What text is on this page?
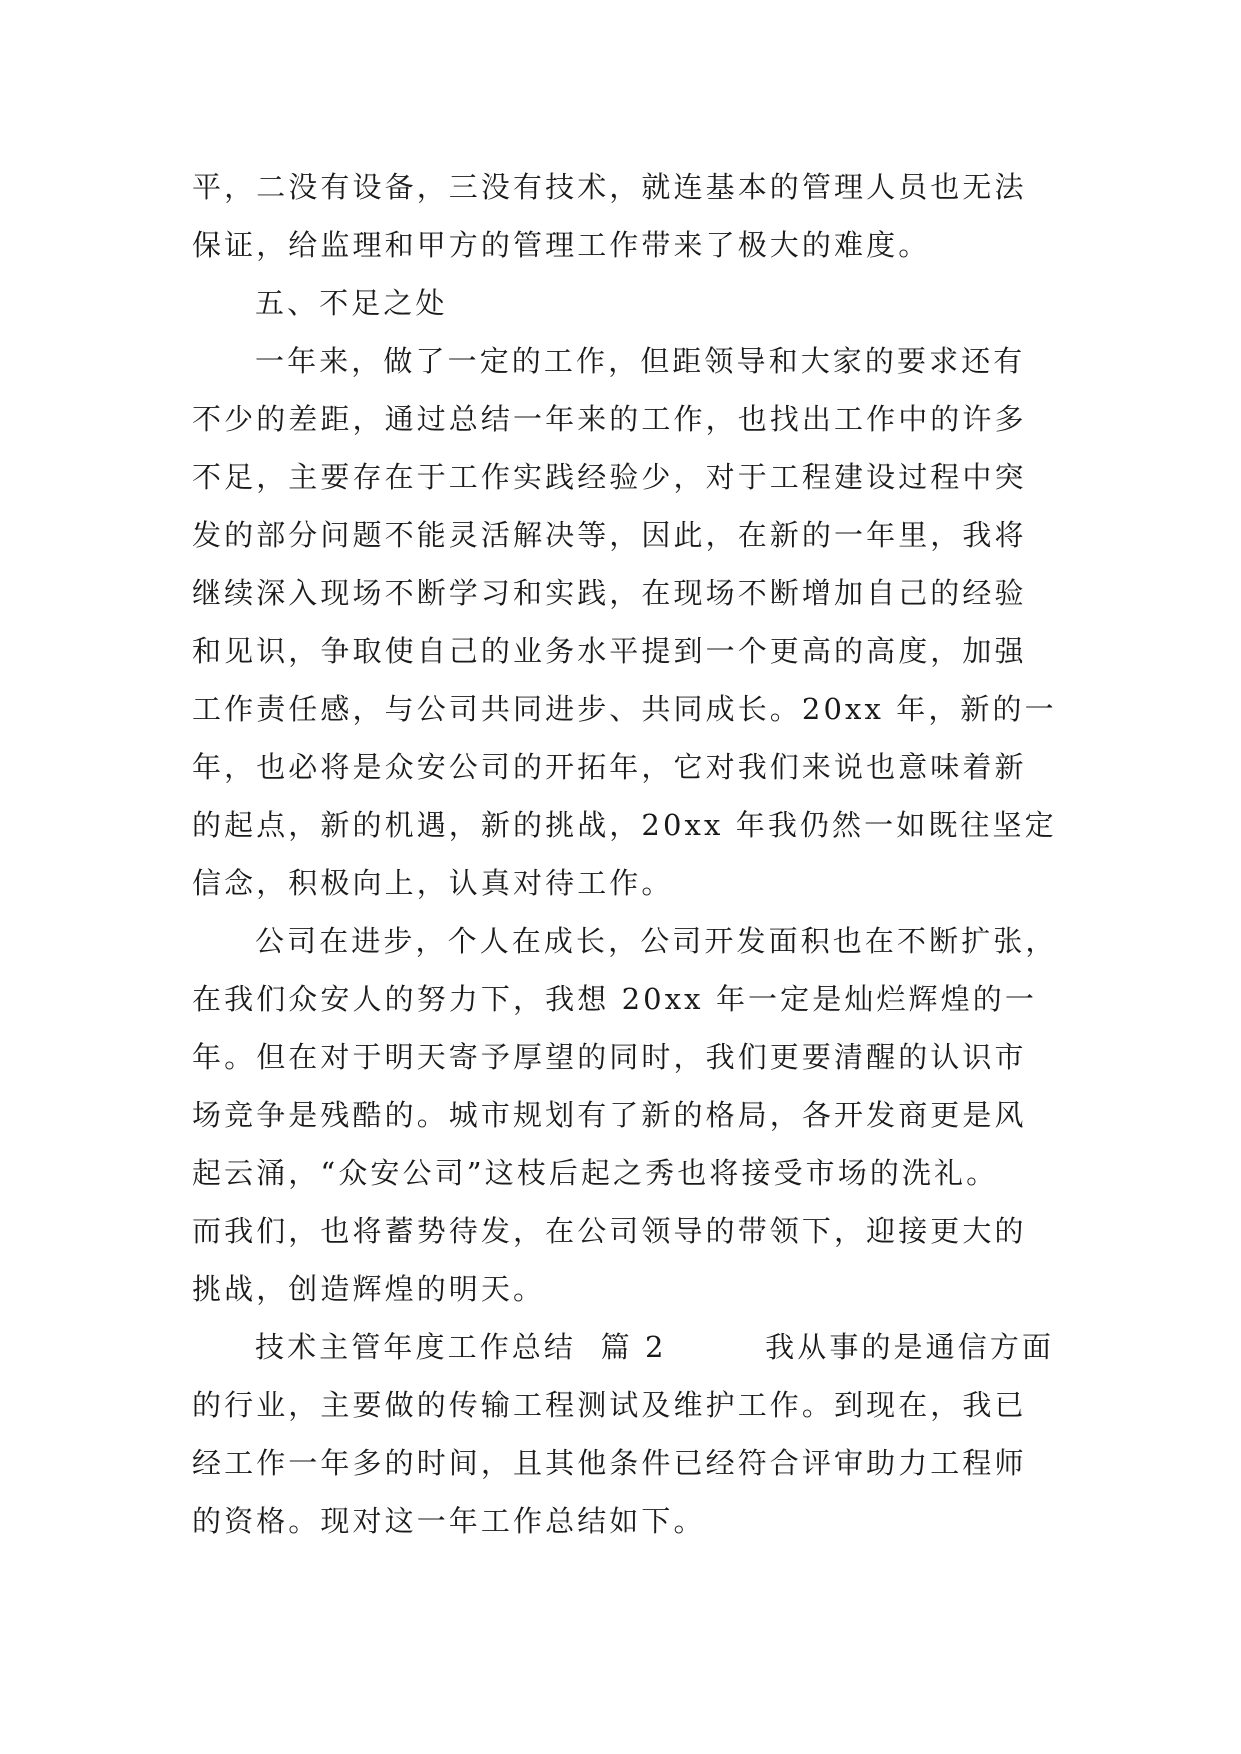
平，二没有设备，三没有技术，就连基本的管理人员也无法
保证，给监理和甲方的管理工作带来了极大的难度。
五、不足之处
一年来，做了一定的工作，但距领导和大家的要求还有
不少的差距，通过总结一年来的工作，也找出工作中的许多
不足，主要存在于工作实践经验少，对于工程建设过程中突
发的部分问题不能灵活解决等，因此，在新的一年里，我将
继续深入现场不断学习和实践，在现场不断增加自己的经验
和见识，争取使自己的业务水平提到一个更高的高度，加强
工作责任感，与公司共同进步、共同成长。20xx 年，新的一
年，也必将是众安公司的开拓年，它对我们来说也意味着新
的起点，新的机遇，新的挑战，20xx 年我仍然一如既往坚定
信念，积极向上，认真对待工作。
公司在进步，个人在成长，公司开发面积也在不断扩张，
在我们众安人的努力下，我想 20xx 年一定是灿烂辉煌的一
年。但在对于明天寄予厚望的同时，我们更要清醒的认识市
场竞争是残酷的。城市规划有了新的格局，各开发商更是风
起云涌，“众安公司”这枝后起之秀也将接受市场的洗礼。
而我们，也将蓄势待发，在公司领导的带领下，迎接更大的
挑战，创造辉煌的明天。
技术主管年度工作总结  篇 2        我从事的是通信方面
的行业，主要做的传输工程测试及维护工作。到现在，我已
经工作一年多的时间，且其他条件已经符合评审助力工程师
的资格。现对这一年工作总结如下。
